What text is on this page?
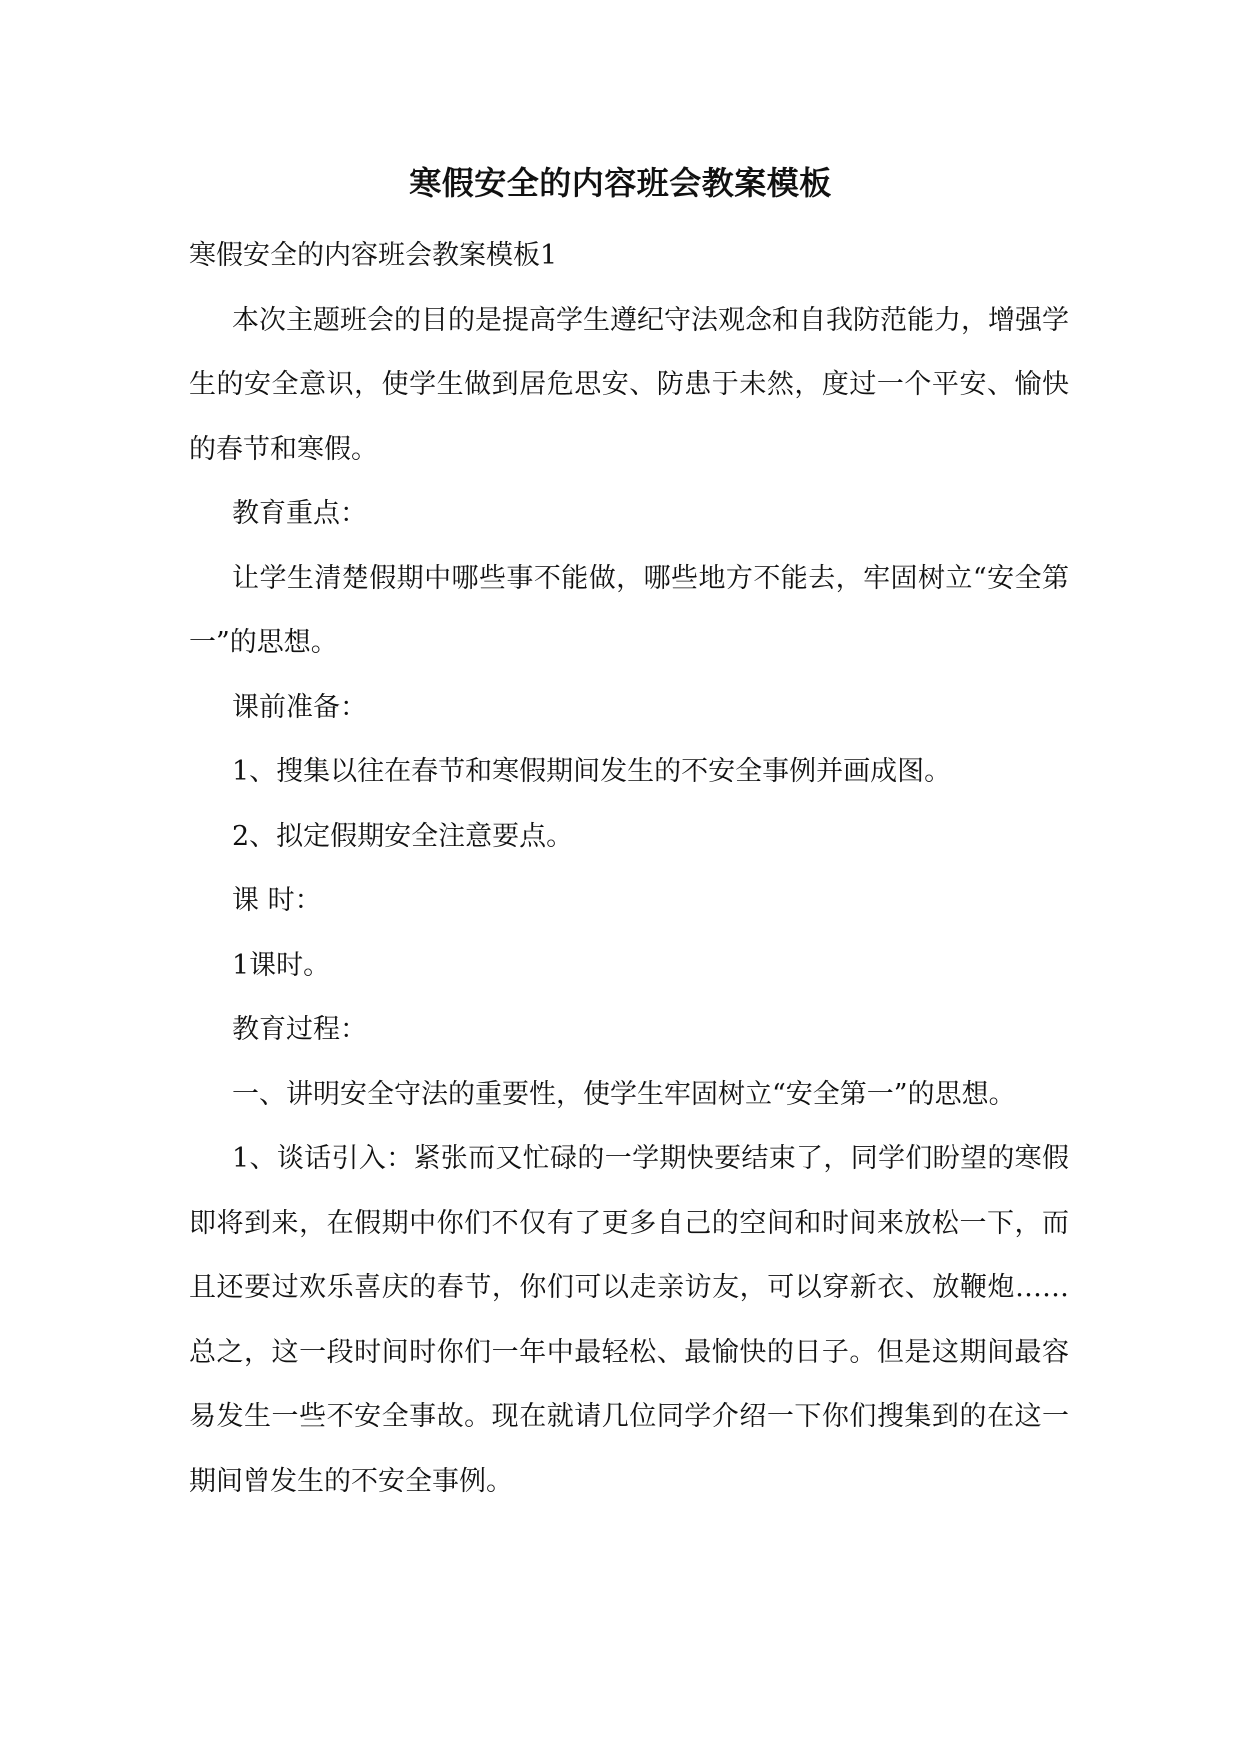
寒假安全的内容班会教案模板

寒假安全的内容班会教案模板1

本次主题班会的目的是提高学生遵纪守法观念和自我防范能力，增强学生的安全意识，使学生做到居危思安、防患于未然，度过一个平安、愉快的春节和寒假。

教育重点：

让学生清楚假期中哪些事不能做，哪些地方不能去，牢固树立“安全第一”的思想。

课前准备：

1、搜集以往在春节和寒假期间发生的不安全事例并画成图。

2、拟定假期安全注意要点。

课 时：

1课时。

教育过程：

一、讲明安全守法的重要性，使学生牢固树立“安全第一”的思想。

1、谈话引入：紧张而又忙碌的一学期快要结束了，同学们盼望的寒假即将到来，在假期中你们不仅有了更多自己的空间和时间来放松一下，而且还要过欢乐喜庆的春节，你们可以走亲访友，可以穿新衣、放鞭炮……总之，这一段时间时你们一年中最轻松、最愉快的日子。但是这期间最容易发生一些不安全事故。现在就请几位同学介绍一下你们搜集到的在这一期间曾发生的不安全事例。
